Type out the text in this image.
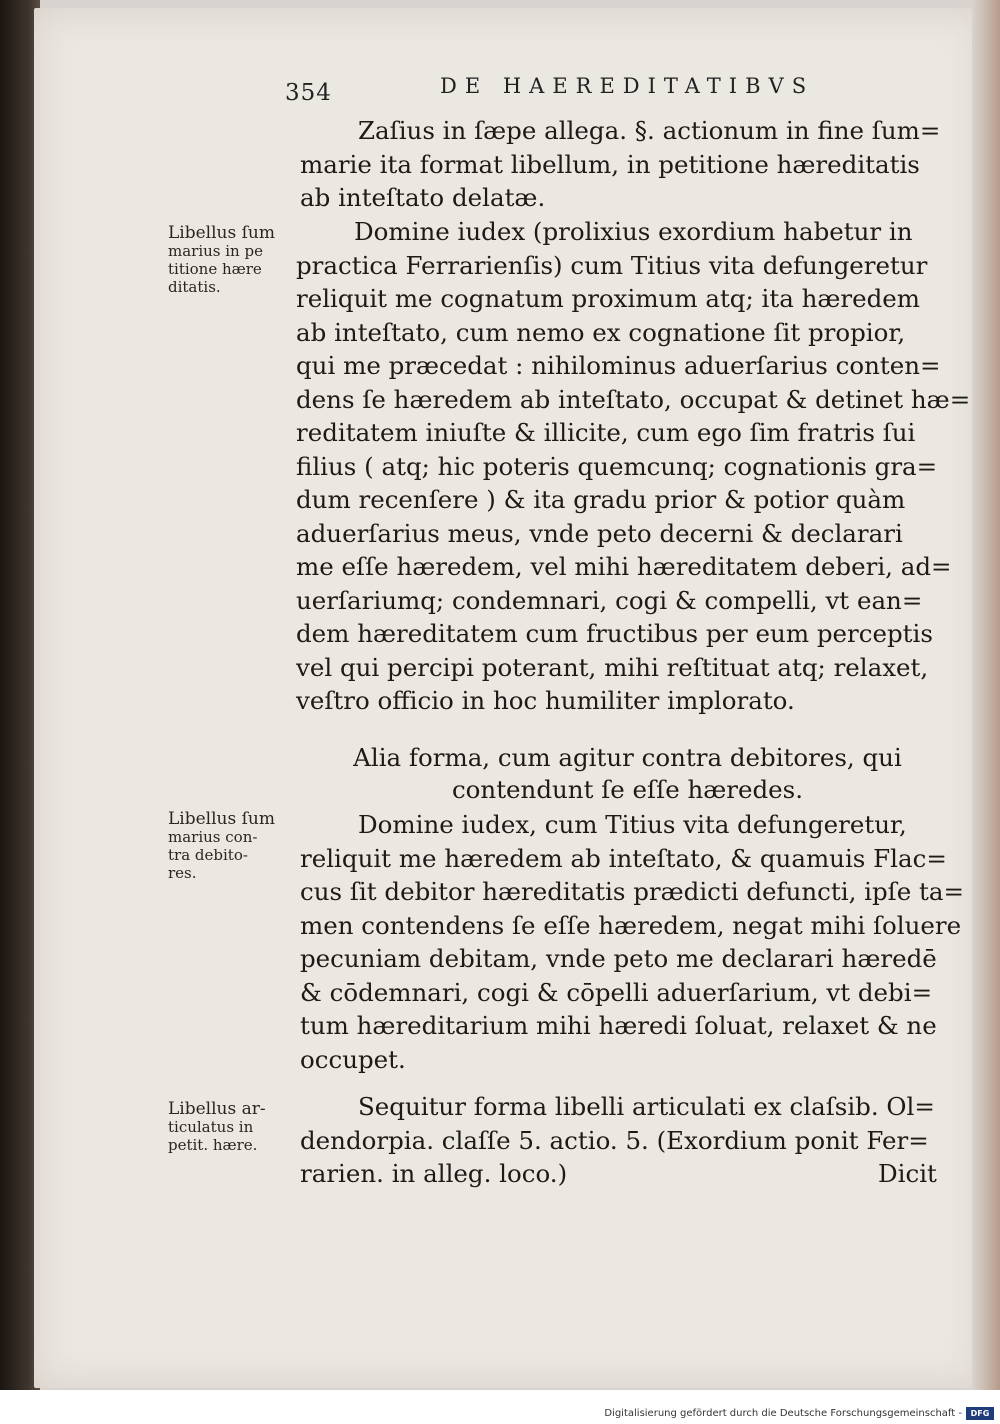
354	DE HAEREDITATIBVS
Zaſius in ſæpe allega. §. actionum in fine ſum=
marie ita format libellum, in petitione hæreditatis
ab inteſtato delatæ.
Libellus ſum
marius in pe
titione hære
ditatis.
Domine iudex (prolixius exordium habetur in
practica Ferrarienſis) cum Titius vita defungeretur
reliquit me cognatum proximum atq; ita hæredem
ab inteſtato, cum nemo ex cognatione ſit propior,
qui me præcedat : nihilominus aduerſarius conten=
dens ſe hæredem ab inteſtato, occupat & detinet hæ=
reditatem iniuſte & illicite, cum ego ſim fratris ſui
filius ( atq; hic poteris quemcunq; cognationis gra=
dum recenſere ) & ita gradu prior & potior quàm
aduerſarius meus, vnde peto decerni & declarari
me eſſe hæredem, vel mihi hæreditatem deberi, ad=
uerſariumq; condemnari, cogi & compelli, vt ean=
dem hæreditatem cum fructibus per eum perceptis
vel qui percipi poterant, mihi reſtituat atq; relaxet,
veſtro officio in hoc humiliter implorato.
Alia forma, cum agitur contra debitores, qui
contendunt ſe eſſe hæredes.
Libellus ſum
marius con-
tra debito-
res.
Domine iudex, cum Titius vita defungeretur,
reliquit me hæredem ab inteſtato, & quamuis Flac=
cus ſit debitor hæreditatis prædicti defuncti, ipſe ta=
men contendens ſe eſſe hæredem, negat mihi ſoluere
pecuniam debitam, vnde peto me declarari hæredē
& cōdemnari, cogi & cōpelli aduerſarium, vt debi=
tum hæreditarium mihi hæredi ſoluat, relaxet & ne
occupet.
Libellus ar-
ticulatus in
petit. hære.
Sequitur forma libelli articulati ex claſsib. Ol=
dendorpia. claſſe 5. actio. 5. (Exordium ponit Fer=
rarien. in alleg. loco.)	Dicit
Digitalisierung gefördert durch die Deutsche Forschungsgemeinschaft -	DFG
